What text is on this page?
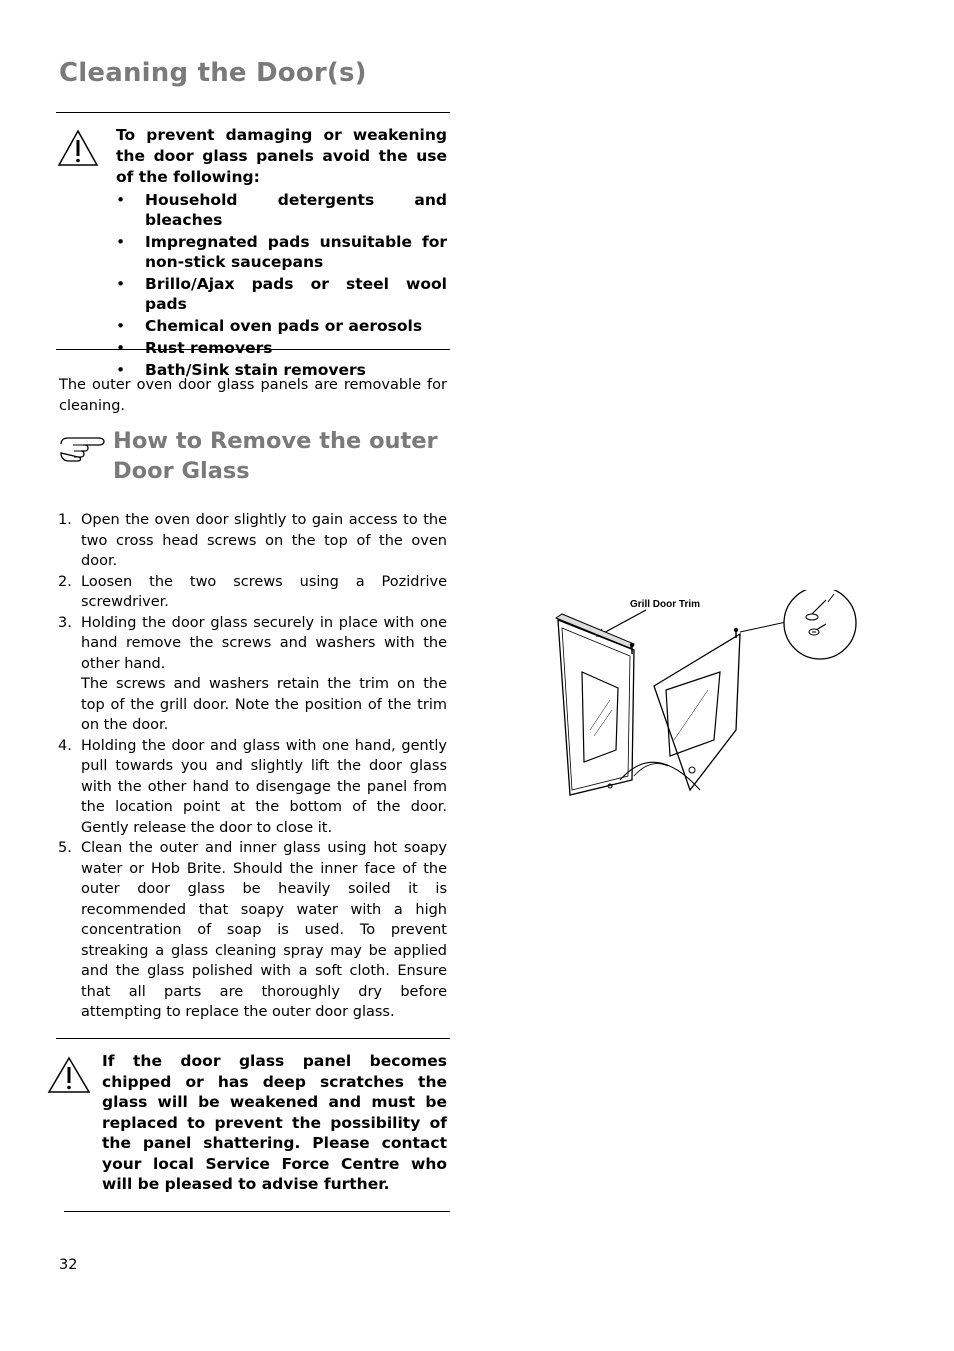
Cleaning the Door(s)
To prevent damaging or weakening the door glass panels avoid the use of the following:
• Household detergents and bleaches
• Impregnated pads unsuitable for non-stick saucepans
• Brillo/Ajax pads or steel wool pads
• Chemical oven pads or aerosols
• Rust removers
• Bath/Sink stain removers

The outer oven door glass panels are removable for cleaning.

How to Remove the outer Door Glass
1. Open the oven door slightly to gain access to the two cross head screws on the top of the oven door.
2. Loosen the two screws using a Pozidrive screwdriver.
3. Holding the door glass securely in place with one hand remove the screws and washers with the other hand.
The screws and washers retain the trim on the top of the grill door. Note the position of the trim on the door.
4. Holding the door and glass with one hand, gently pull towards you and slightly lift the door glass with the other hand to disengage the panel from the location point at the bottom of the door. Gently release the door to close it.
5. Clean the outer and inner glass using hot soapy water or Hob Brite. Should the inner face of the outer door glass be heavily soiled it is recommended that soapy water with a high concentration of soap is used. To prevent streaking a glass cleaning spray may be applied and the glass polished with a soft cloth. Ensure that all parts are thoroughly dry before attempting to replace the outer door glass.
If the door glass panel becomes chipped or has deep scratches the glass will be weakened and must be replaced to prevent the possibility of the panel shattering. Please contact your local Service Force Centre who will be pleased to advise further.
32
Grill Door Trim
